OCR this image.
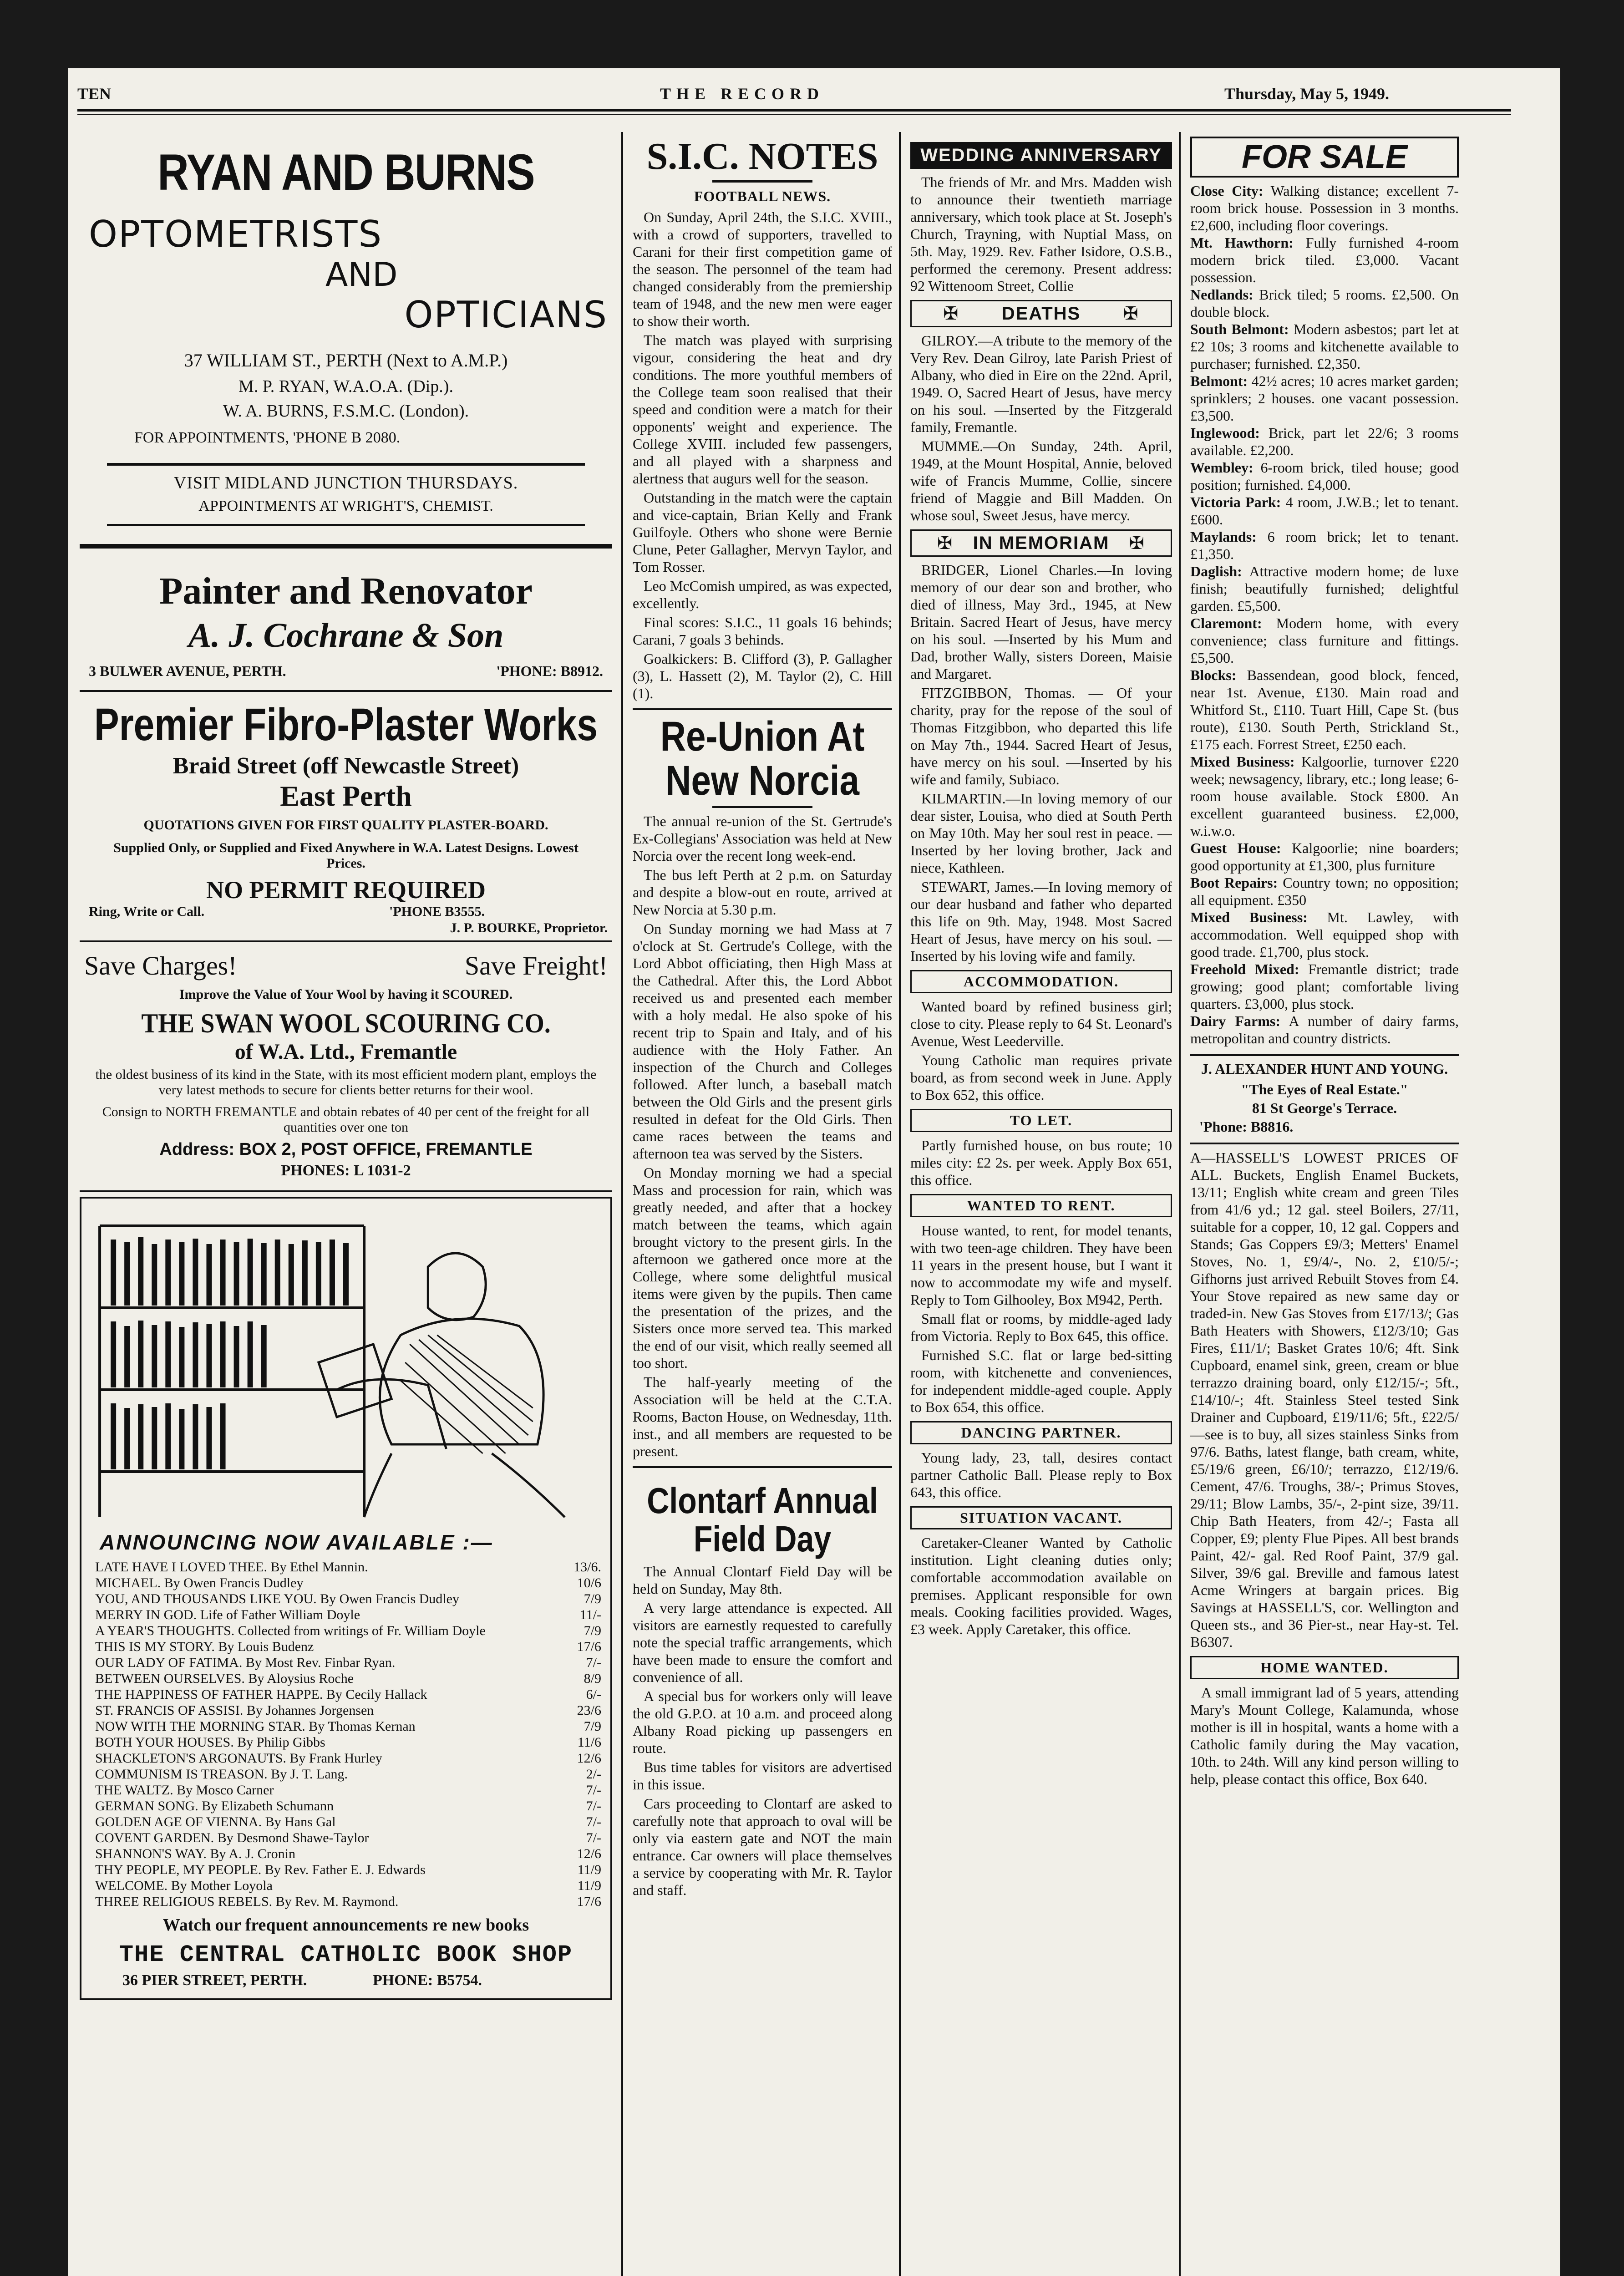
TEN	THE RECORD	Thursday, May 5, 1949.
RYAN AND BURNS
OPTOMETRISTS
AND
OPTICIANS
37 WILLIAM ST., PERTH (Next to A.M.P.)
M. P. RYAN, W.A.O.A. (Dip.).
W. A. BURNS, F.S.M.C. (London).
FOR APPOINTMENTS, 'PHONE B 2080.
VISIT MIDLAND JUNCTION THURSDAYS.
APPOINTMENTS AT WRIGHT'S, CHEMIST.
Painter and Renovator
A. J. Cochrane & Son
3 BULWER AVENUE, PERTH.	'PHONE: B8912.
Premier Fibro-Plaster Works
Braid Street (off Newcastle Street)
East Perth
QUOTATIONS GIVEN FOR FIRST QUALITY PLASTER-BOARD.
Supplied Only, or Supplied and Fixed Anywhere in W.A. Latest Designs. Lowest Prices.
NO PERMIT REQUIRED
Ring, Write or Call.	'PHONE B3555.
J. P. BOURKE, Proprietor.
Save Charges!	Save Freight!
Improve the Value of Your Wool by having it SCOURED.
THE SWAN WOOL SCOURING CO.
of W.A. Ltd., Fremantle
the oldest business of its kind in the State, with its most efficient modern plant, employs the very latest methods to secure for clients better returns for their wool.
Consign to NORTH FREMANTLE and obtain rebates of 40 per cent of the freight for all quantities over one ton
Address: BOX 2, POST OFFICE, FREMANTLE
PHONES: L 1031-2
ANNOUNCING NOW AVAILABLE :—
LATE HAVE I LOVED THEE. By Ethel Mannin.	13/6.
MICHAEL. By Owen Francis Dudley	10/6
YOU, AND THOUSANDS LIKE YOU. By Owen Francis Dudley	7/9
MERRY IN GOD. Life of Father William Doyle	11/-
A YEAR'S THOUGHTS. Collected from writings of Fr. William Doyle	7/9
THIS IS MY STORY. By Louis Budenz	17/6
OUR LADY OF FATIMA. By Most Rev. Finbar Ryan.	7/-
BETWEEN OURSELVES. By Aloysius Roche	8/9
THE HAPPINESS OF FATHER HAPPE. By Cecily Hallack	6/-
ST. FRANCIS OF ASSISI. By Johannes Jorgensen	23/6
NOW WITH THE MORNING STAR. By Thomas Kernan	7/9
BOTH YOUR HOUSES. By Philip Gibbs	11/6
SHACKLETON'S ARGONAUTS. By Frank Hurley	12/6
COMMUNISM IS TREASON. By J. T. Lang.	2/-
THE WALTZ. By Mosco Carner	7/-
GERMAN SONG. By Elizabeth Schumann	7/-
GOLDEN AGE OF VIENNA. By Hans Gal	7/-
COVENT GARDEN. By Desmond Shawe-Taylor	7/-
SHANNON'S WAY. By A. J. Cronin	12/6
THY PEOPLE, MY PEOPLE. By Rev. Father E. J. Edwards	11/9
WELCOME. By Mother Loyola	11/9
THREE RELIGIOUS REBELS. By Rev. M. Raymond.	17/6
Watch our frequent announcements re new books
THE CENTRAL CATHOLIC BOOK SHOP
36 PIER STREET, PERTH.	PHONE: B5754.
S.I.C. NOTES
FOOTBALL NEWS.

On Sunday, April 24th, the S.I.C. XVIII., with a crowd of supporters, travelled to Carani for their first competition game of the season. The personnel of the team had changed considerably from the premiership team of 1948, and the new men were eager to show their worth.

The match was played with surprising vigour, considering the heat and dry conditions. The more youthful members of the College team soon realised that their speed and condition were a match for their opponents' weight and experience. The College XVIII. included few passengers, and all played with a sharpness and alertness that augurs well for the season.

Outstanding in the match were the captain and vice-captain, Brian Kelly and Frank Guilfoyle. Others who shone were Bernie Clune, Peter Gallagher, Mervyn Taylor, and Tom Rosser.

Leo McComish umpired, as was expected, excellently.

Final scores: S.I.C., 11 goals 16 behinds; Carani, 7 goals 3 behinds.

Goalkickers: B. Clifford (3), P. Gallagher (3), L. Hassett (2), M. Taylor (2), C. Hill (1).

Re-Union At New Norcia

The annual re-union of the St. Gertrude's Ex-Collegians' Association was held at New Norcia over the recent long week-end.

The bus left Perth at 2 p.m. on Saturday and despite a blow-out en route, arrived at New Norcia at 5.30 p.m.

On Sunday morning we had Mass at 7 o'clock at St. Gertrude's College, with the Lord Abbot officiating, then High Mass at the Cathedral. After this, the Lord Abbot received us and presented each member with a holy medal. He also spoke of his recent trip to Spain and Italy, and of his audience with the Holy Father. An inspection of the Church and Colleges followed. After lunch, a baseball match between the Old Girls and the present girls resulted in defeat for the Old Girls. Then came races between the teams and afternoon tea was served by the Sisters.

On Monday morning we had a special Mass and procession for rain, which was greatly needed, and after that a hockey match between the teams, which again brought victory to the present girls. In the afternoon we gathered once more at the College, where some delightful musical items were given by the pupils. Then came the presentation of the prizes, and the Sisters once more served tea. This marked the end of our visit, which really seemed all too short.

The half-yearly meeting of the Association will be held at the C.T.A. Rooms, Bacton House, on Wednesday, 11th. inst., and all members are requested to be present.

Clontarf Annual Field Day

The Annual Clontarf Field Day will be held on Sunday, May 8th.

A very large attendance is expected. All visitors are earnestly requested to carefully note the special traffic arrangements, which have been made to ensure the comfort and convenience of all.

A special bus for workers only will leave the old G.P.O. at 10 a.m. and proceed along Albany Road picking up passengers en route.

Bus time tables for visitors are advertised in this issue.

Cars proceeding to Clontarf are asked to carefully note that approach to oval will be only via eastern gate and NOT the main entrance. Car owners will place themselves a service by cooperating with Mr. R. Taylor and staff.

WEDDING ANNIVERSARY

The friends of Mr. and Mrs. Madden wish to announce their twentieth marriage anniversary, which took place at St. Joseph's Church, Trayning, with Nuptial Mass, on 5th. May, 1929. Rev. Father Isidore, O.S.B., performed the ceremony. Present address: 92 Wittenoom Street, Collie

✠ DEATHS ✠

GILROY.—A tribute to the memory of the Very Rev. Dean Gilroy, late Parish Priest of Albany, who died in Eire on the 22nd. April, 1949. O, Sacred Heart of Jesus, have mercy on his soul. —Inserted by the Fitzgerald family, Fremantle.

MUMME.—On Sunday, 24th. April, 1949, at the Mount Hospital, Annie, beloved wife of Francis Mumme, Collie, sincere friend of Maggie and Bill Madden. On whose soul, Sweet Jesus, have mercy.

✠ IN MEMORIAM ✠

BRIDGER, Lionel Charles.—In loving memory of our dear son and brother, who died of illness, May 3rd., 1945, at New Britain. Sacred Heart of Jesus, have mercy on his soul. —Inserted by his Mum and Dad, brother Wally, sisters Doreen, Maisie and Margaret.

FITZGIBBON, Thomas. — Of your charity, pray for the repose of the soul of Thomas Fitzgibbon, who departed this life on May 7th., 1944. Sacred Heart of Jesus, have mercy on his soul. —Inserted by his wife and family, Subiaco.

KILMARTIN.—In loving memory of our dear sister, Louisa, who died at South Perth on May 10th. May her soul rest in peace. —Inserted by her loving brother, Jack and niece, Kathleen.

STEWART, James.—In loving memory of our dear husband and father who departed this life on 9th. May, 1948. Most Sacred Heart of Jesus, have mercy on his soul. —Inserted by his loving wife and family.

ACCOMMODATION.

Wanted board by refined business girl; close to city. Please reply to 64 St. Leonard's Avenue, West Leederville.

Young Catholic man requires private board, as from second week in June. Apply to Box 652, this office.

TO LET.

Partly furnished house, on bus route; 10 miles city: £2 2s. per week. Apply Box 651, this office.

WANTED TO RENT.

House wanted, to rent, for model tenants, with two teen-age children. They have been 11 years in the present house, but I want it now to accommodate my wife and myself. Reply to Tom Gilhooley, Box M942, Perth.

Small flat or rooms, by middle-aged lady from Victoria. Reply to Box 645, this office.

Furnished S.C. flat or large bed-sitting room, with kitchenette and conveniences, for independent middle-aged couple. Apply to Box 654, this office.

DANCING PARTNER.

Young lady, 23, tall, desires contact partner Catholic Ball. Please reply to Box 643, this office.

SITUATION VACANT.

Caretaker-Cleaner Wanted by Catholic institution. Light cleaning duties only; comfortable accommodation available on premises. Applicant responsible for own meals. Cooking facilities provided. Wages, £3 week. Apply Caretaker, this office.

FOR SALE

Close City: Walking distance; excellent 7-room brick house. Possession in 3 months. £2,600, including floor coverings.

Mt. Hawthorn: Fully furnished 4-room modern brick tiled. £3,000. Vacant possession.

Nedlands: Brick tiled; 5 rooms. £2,500. On double block.

South Belmont: Modern asbestos; part let at £2 10s; 3 rooms and kitchenette available to purchaser; furnished. £2,350.

Belmont: 42½ acres; 10 acres market garden; sprinklers; 2 houses. one vacant possession. £3,500.

Inglewood: Brick, part let 22/6; 3 rooms available. £2,200.

Wembley: 6-room brick, tiled house; good position; furnished. £4,000.

Victoria Park: 4 room, J.W.B.; let to tenant. £600.

Maylands: 6 room brick; let to tenant. £1,350.

Daglish: Attractive modern home; de luxe finish; beautifully furnished; delightful garden. £5,500.

Claremont: Modern home, with every convenience; class furniture and fittings. £5,500.

Blocks: Bassendean, good block, fenced, near 1st. Avenue, £130. Main road and Whitford St., £110. Tuart Hill, Cape St. (bus route), £130. South Perth, Strickland St., £175 each. Forrest Street, £250 each.

Mixed Business: Kalgoorlie, turnover £220 week; newsagency, library, etc.; long lease; 6-room house available. Stock £800. An excellent guaranteed business. £2,000, w.i.w.o.

Guest House: Kalgoorlie; nine boarders; good opportunity at £1,300, plus furniture

Boot Repairs: Country town; no opposition; all equipment. £350

Mixed Business: Mt. Lawley, with accommodation. Well equipped shop with good trade. £1,700, plus stock.

Freehold Mixed: Fremantle district; trade growing; good plant; comfortable living quarters. £3,000, plus stock.

Dairy Farms: A number of dairy farms, metropolitan and country districts.

J. ALEXANDER HUNT AND YOUNG.
"The Eyes of Real Estate."
81 St George's Terrace.
'Phone: B8816.

A—HASSELL'S LOWEST PRICES OF ALL. Buckets, English Enamel Buckets, 13/11; English white cream and green Tiles from 41/6 yd.; 12 gal. steel Boilers, 27/11, suitable for a copper, 10, 12 gal. Coppers and Stands; Gas Coppers £9/3; Metters' Enamel Stoves, No. 1, £9/4/-, No. 2, £10/5/-; Gifhorns just arrived Rebuilt Stoves from £4. Your Stove repaired as new same day or traded-in. New Gas Stoves from £17/13/; Gas Bath Heaters with Showers, £12/3/10; Gas Fires, £11/1/; Basket Grates 10/6; 4ft. Sink Cupboard, enamel sink, green, cream or blue terrazzo draining board, only £12/15/-; 5ft., £14/10/-; 4ft. Stainless Steel tested Sink Drainer and Cupboard, £19/11/6; 5ft., £22/5/—see is to buy, all sizes stainless Sinks from 97/6. Baths, latest flange, bath cream, white, £5/19/6 green, £6/10/; terrazzo, £12/19/6. Cement, 47/6. Troughs, 38/-; Primus Stoves, 29/11; Blow Lambs, 35/-, 2-pint size, 39/11. Chip Bath Heaters, from 42/-; Fasta all Copper, £9; plenty Flue Pipes. All best brands Paint, 42/- gal. Red Roof Paint, 37/9 gal. Silver, 39/6 gal. Breville and famous latest Acme Wringers at bargain prices. Big Savings at HASSELL'S, cor. Wellington and Queen sts., and 36 Pier-st., near Hay-st. Tel. B6307.

HOME WANTED.

A small immigrant lad of 5 years, attending Mary's Mount College, Kalamunda, whose mother is ill in hospital, wants a home with a Catholic family during the May vacation, 10th. to 24th. Will any kind person willing to help, please contact this office, Box 640.
